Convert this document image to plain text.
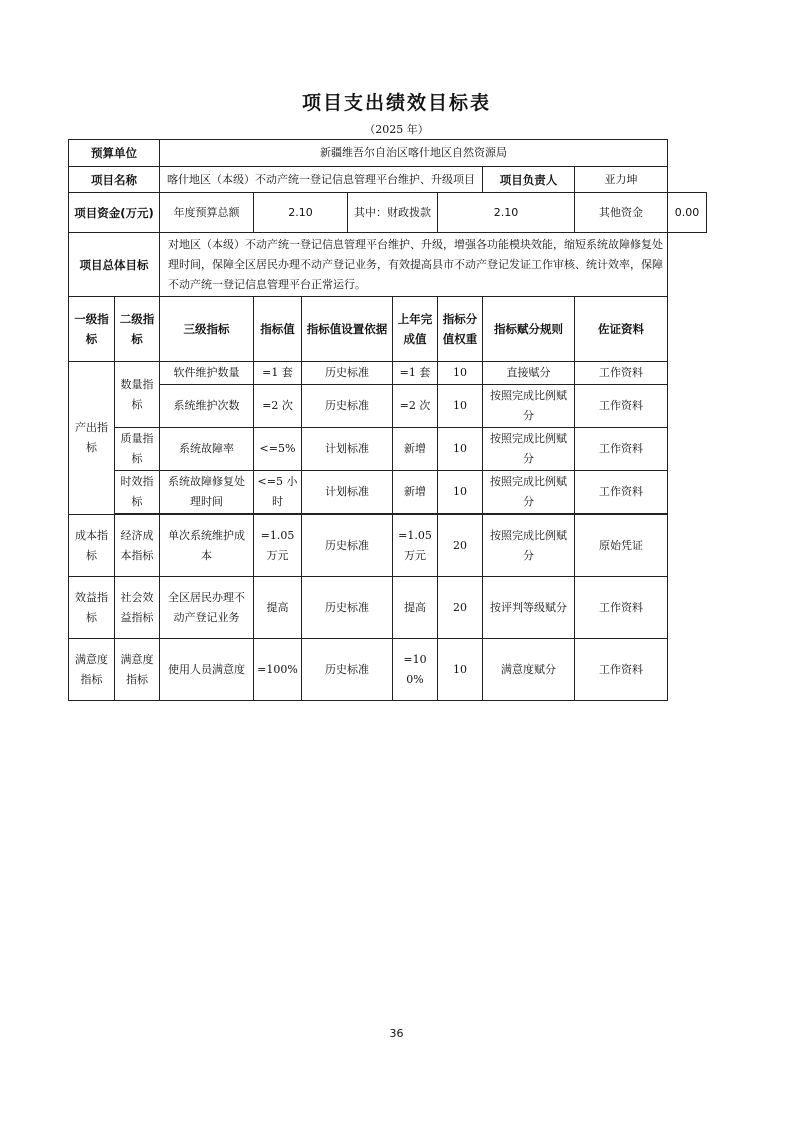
项目支出绩效目标表
（2025 年）
预算单位		新疆维吾尔自治区喀什地区自然资源局								
项目名称		喀什地区（本级）不动产统一登记信息管理平台维护、升级项目						项目负责人	亚力坤	
项目资金(万元)		年度预算总额	2.10		其中：财政拨款		2.10		其他资金	0.00
项目总体目标		对地区（本级）不动产统一登记信息管理平台维护、升级，增强各功能模块效能，缩短系统故障修复处理时间，保障全区居民办理不动产登记业务，有效提高县市不动产登记发证工作审核、统计效率，保障不动产统一登记信息管理平台正常运行。								
一级指标	二级指标	三级指标	指标值	指标值设置依据		上年完成值	指标分值权重	指标赋分规则	佐证资料	
产出指标	数量指标	软件维护数量	=1 套	历史标准		=1 套	10	直接赋分	工作资料	
		系统维护次数	=2 次	历史标准		=2 次	10	按照完成比例赋分	工作资料	
	质量指标	系统故障率	<=5%	计划标准		新增	10	按照完成比例赋分	工作资料	
	时效指标	系统故障修复处理时间	<=5 小时	计划标准		新增	10	按照完成比例赋分	工作资料	

成本指标	经济成本指标	单次系统维护成本	=1.05 万元	历史标准		=1.05 万元	20	按照完成比例赋分	原始凭证	
效益指标	社会效益指标	全区居民办理不动产登记业务	提高	历史标准		提高	20	按评判等级赋分	工作资料	
满意度指标	满意度指标	使用人员满意度	=100%	历史标准		=100%	10	满意度赋分	工作资料	
36
